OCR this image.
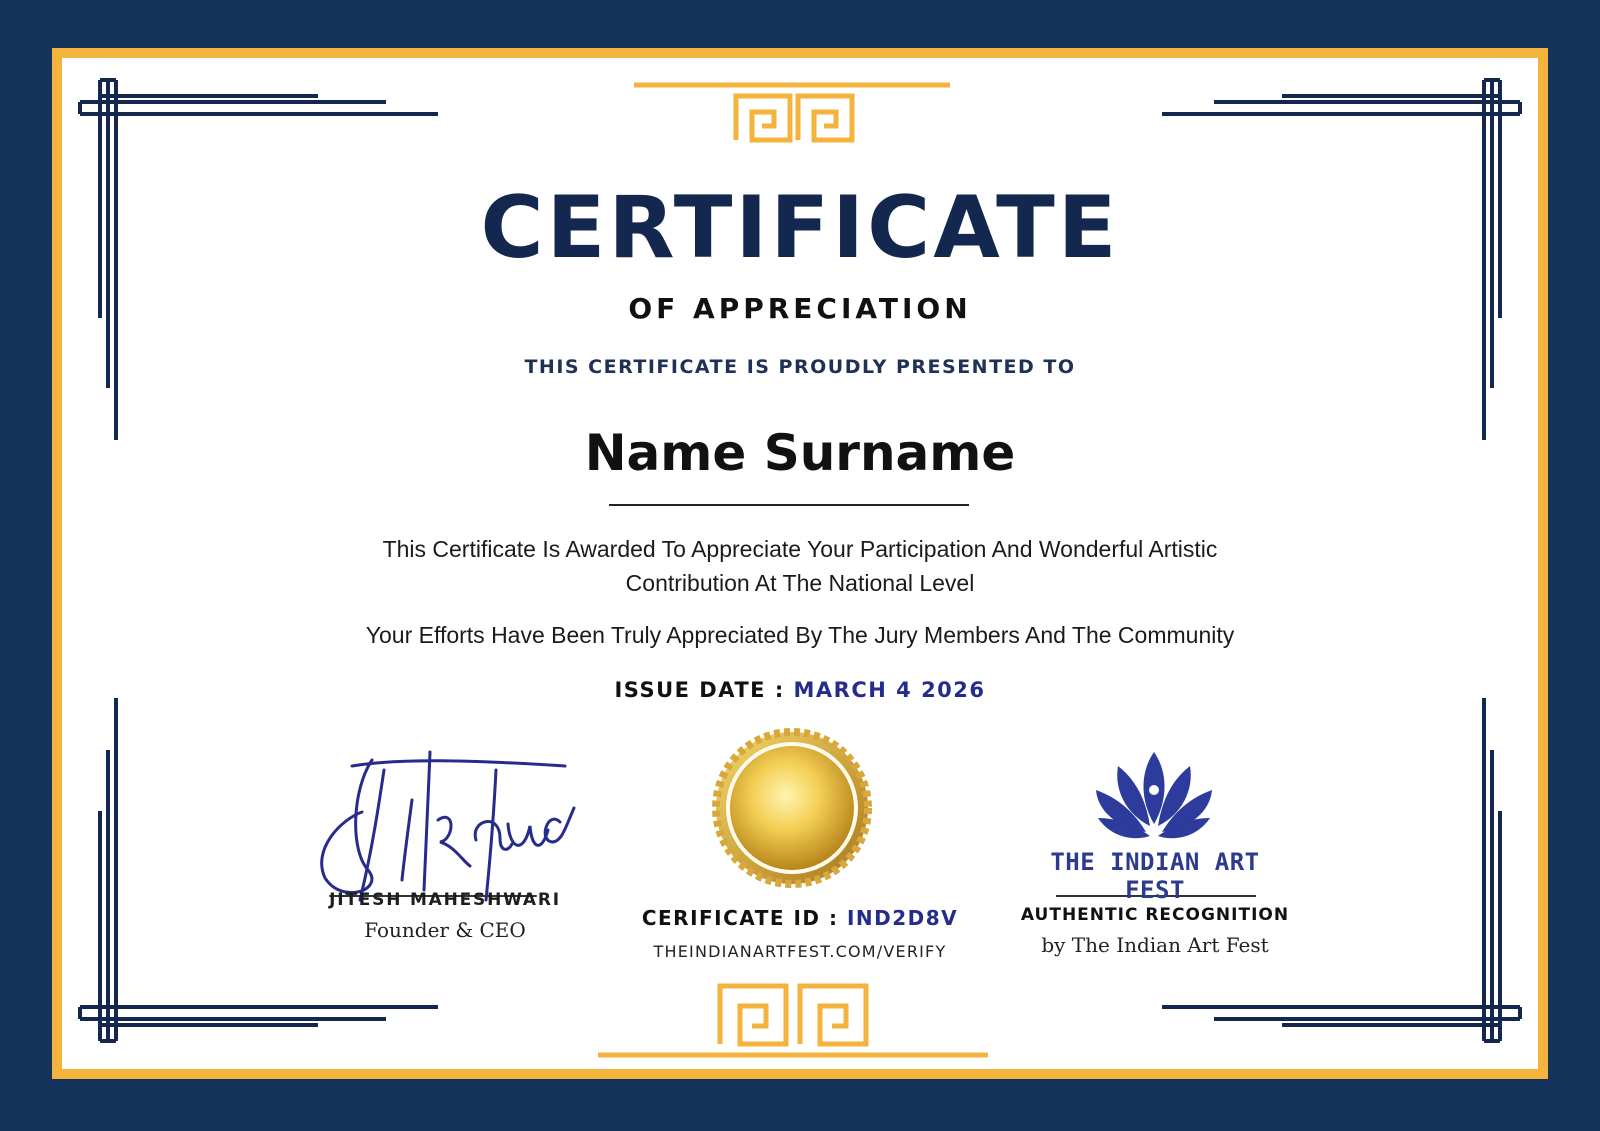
CERTIFICATE
OF APPRECIATION
THIS CERTIFICATE IS PROUDLY PRESENTED TO
Name Surname
This Certificate Is Awarded To Appreciate Your Participation And Wonderful Artistic
Contribution At The National Level
Your Efforts Have Been Truly Appreciated By The Jury Members And The Community
ISSUE DATE : MARCH 4 2026
JITESH MAHESHWARI
Founder & CEO	CERIFICATE ID : IND2D8V
THEINDIANARTFEST.COM/VERIFY
THE INDIAN ART FEST
AUTHENTIC RECOGNITION
by The Indian Art Fest
